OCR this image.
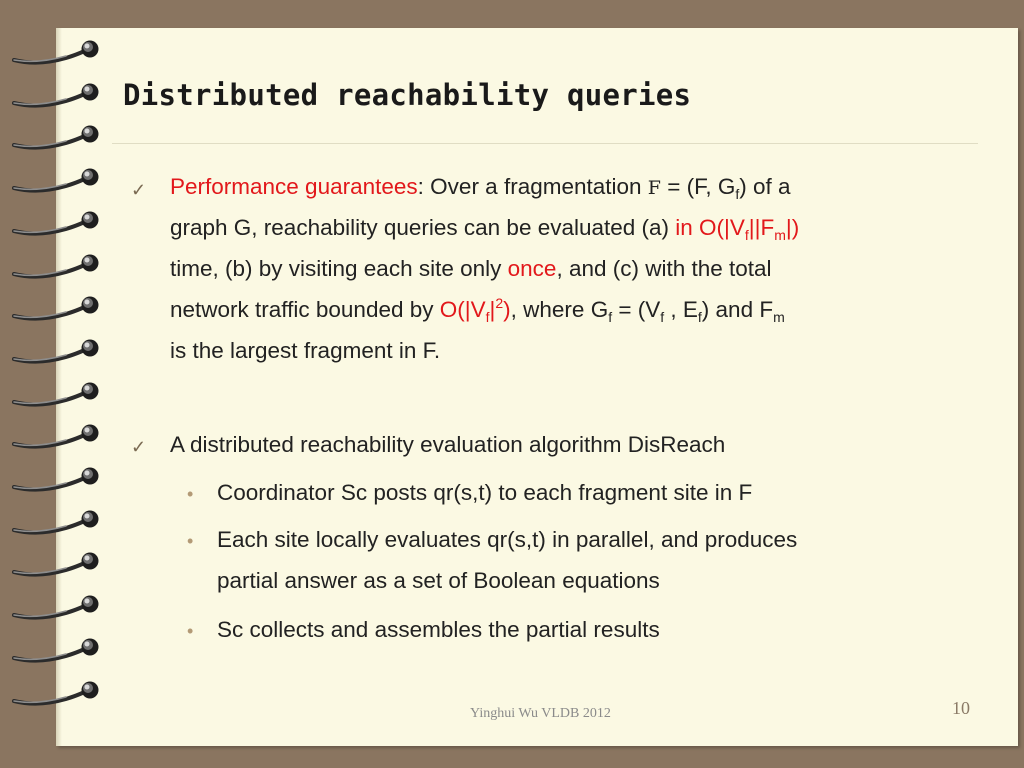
Distributed reachability queries
✓ Performance guarantees: Over a fragmentation F = (F, $G_f$) of a
graph G, reachability queries can be evaluated (a) in $O(|V_f||F_m|)$
time, (b) by visiting each site only once, and (c) with the total
network traffic bounded by $O(|V_f|^2)$, where $G_f = (V_f$ , $E_f$) and $F_m$
is the largest fragment in F.
✓ A distributed reachability evaluation algorithm DisReach
• Coordinator Sc posts qr(s,t) to each fragment site in F
• Each site locally evaluates qr(s,t) in parallel, and produces
partial answer as a set of Boolean equations
• Sc collects and assembles the partial results
Yinghui Wu VLDB 2012	10
